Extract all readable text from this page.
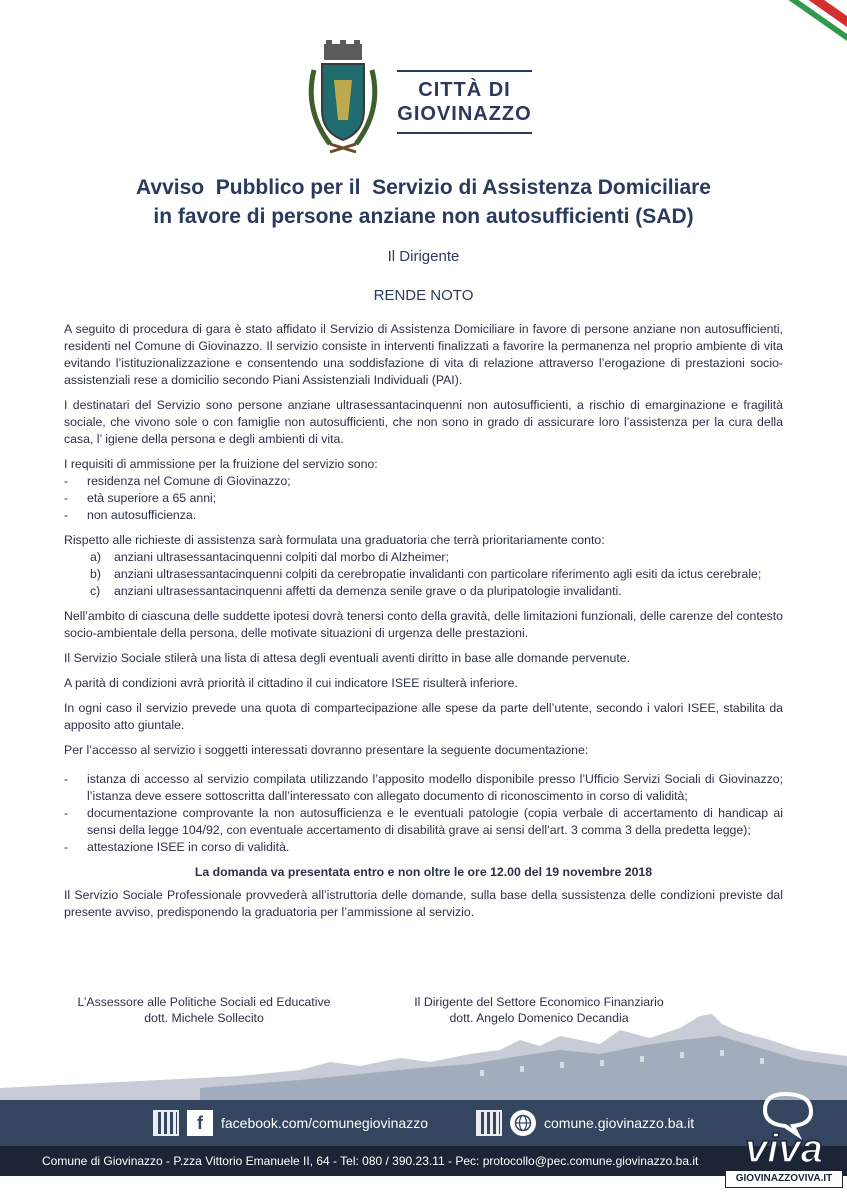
CITTÀ DI
GIOVINAZZO
Avviso  Pubblico per il  Servizio di Assistenza Domiciliare
in favore di persone anziane non autosufficienti (SAD)
Il Dirigente
RENDE NOTO

A seguito di procedura di gara è stato affidato il Servizio di Assistenza Domiciliare in favore di persone anziane non autosufficienti, residenti nel Comune di Giovinazzo. Il servizio consiste in interventi finalizzati a favorire la permanenza nel proprio ambiente di vita evitando l’istituzionalizzazione e consentendo una soddisfazione di vita di relazione attraverso l’erogazione di prestazioni socio-assistenziali rese a domicilio secondo Piani Assistenziali Individuali (PAI).

I destinatari del Servizio sono persone anziane ultrasessantacinquenni non autosufficienti, a rischio di emarginazione e fragilità sociale, che vivono sole o con famiglie non autosufficienti, che non sono in grado di assicurare loro l’assistenza per la cura della casa, l’ igiene della persona e degli ambienti di vita.

I requisiti di ammissione per la fruizione del servizio sono:

- residenza nel Comune di Giovinazzo;
- età superiore a 65 anni;
- non autosufficienza.

Rispetto alle richieste di assistenza sarà formulata una graduatoria che terrà prioritariamente conto:

a) anziani ultrasessantacinquenni colpiti dal morbo di Alzheimer;
b) anziani ultrasessantacinquenni colpiti da cerebropatie invalidanti con particolare riferimento agli esiti da ictus cerebrale;
c) anziani ultrasessantacinquenni affetti da demenza senile grave o da pluripatologie invalidanti.

Nell’ambito di ciascuna delle suddette ipotesi dovrà tenersi conto della gravità, delle limitazioni funzionali, delle carenze del contesto socio-ambientale della persona, delle motivate situazioni di urgenza delle prestazioni.

Il Servizio Sociale stilerà una lista di attesa degli eventuali aventi diritto in base alle domande pervenute.

A parità di condizioni avrà priorità il cittadino il cui indicatore ISEE risulterà inferiore.

In ogni caso il servizio prevede una quota di compartecipazione alle spese da parte dell’utente, secondo i valori ISEE, stabilita da apposito atto giuntale.

Per l’accesso al servizio i soggetti interessati dovranno presentare la seguente documentazione:

- istanza di accesso al servizio compilata utilizzando l’apposito modello disponibile presso l’Ufficio Servizi Sociali di Giovinazzo; l’istanza deve essere sottoscritta dall’interessato con allegato documento di riconoscimento in corso di validità;
- documentazione comprovante la non autosufficienza e le eventuali patologie (copia verbale di accertamento di handicap ai sensi della legge 104/92, con eventuale accertamento di disabilità grave ai sensi dell’art. 3 comma 3 della predetta legge);
- attestazione ISEE in corso di validità.

La domanda va presentata entro e non oltre le ore 12.00 del 19 novembre 2018

Il Servizio Sociale Professionale provvederà all’istruttoria delle domande, sulla base della sussistenza delle condizioni previste dal presente avviso, predisponendo la graduatoria per l’ammissione al servizio.

L’Assessore alle Politiche Sociali ed Educative
dott. Michele Sollecito
Il Dirigente del Settore Economico Finanziario
dott. Angelo Domenico Decandia
f	facebook.com/comunegiovinazzo	comune.giovinazzo.ba.it
Comune di Giovinazzo - P.zza Vittorio Emanuele II, 64 - Tel: 080 / 390.23.11 - Pec: protocollo@pec.comune.giovinazzo.ba.it viva
GIOVINAZZOVIVA.IT
